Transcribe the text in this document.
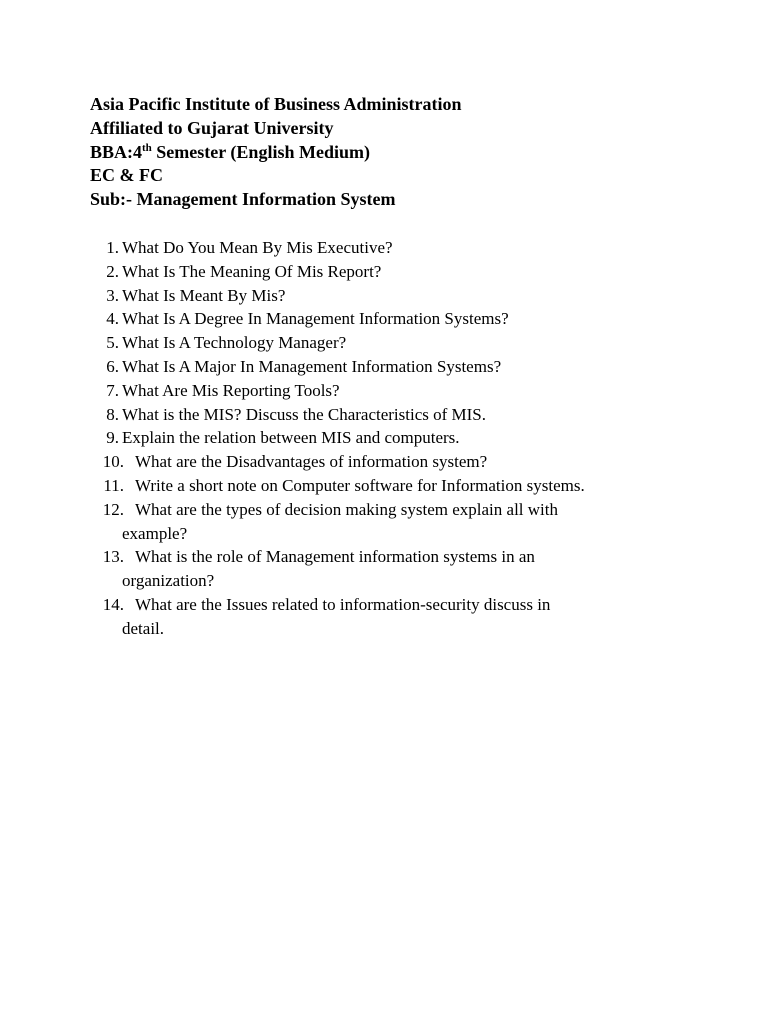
Asia Pacific Institute of Business Administration
Affiliated to Gujarat University
BBA:4th Semester (English Medium)
EC & FC
Sub:- Management Information System
1. What Do You Mean By Mis Executive?
2. What Is The Meaning Of Mis Report?
3. What Is Meant By Mis?
4. What Is A Degree In Management Information Systems?
5. What Is A Technology Manager?
6. What Is A Major In Management Information Systems?
7. What Are Mis Reporting Tools?
8. What is the MIS? Discuss the Characteristics of MIS.
9. Explain the relation between MIS and computers.
10. What are the Disadvantages of information system?
11. Write a short note on Computer software for Information systems.
12. What are the types of decision making system explain all with
example?
13. What is the role of Management information systems in an
organization?
14. What are the Issues related to information-security discuss in
detail.
